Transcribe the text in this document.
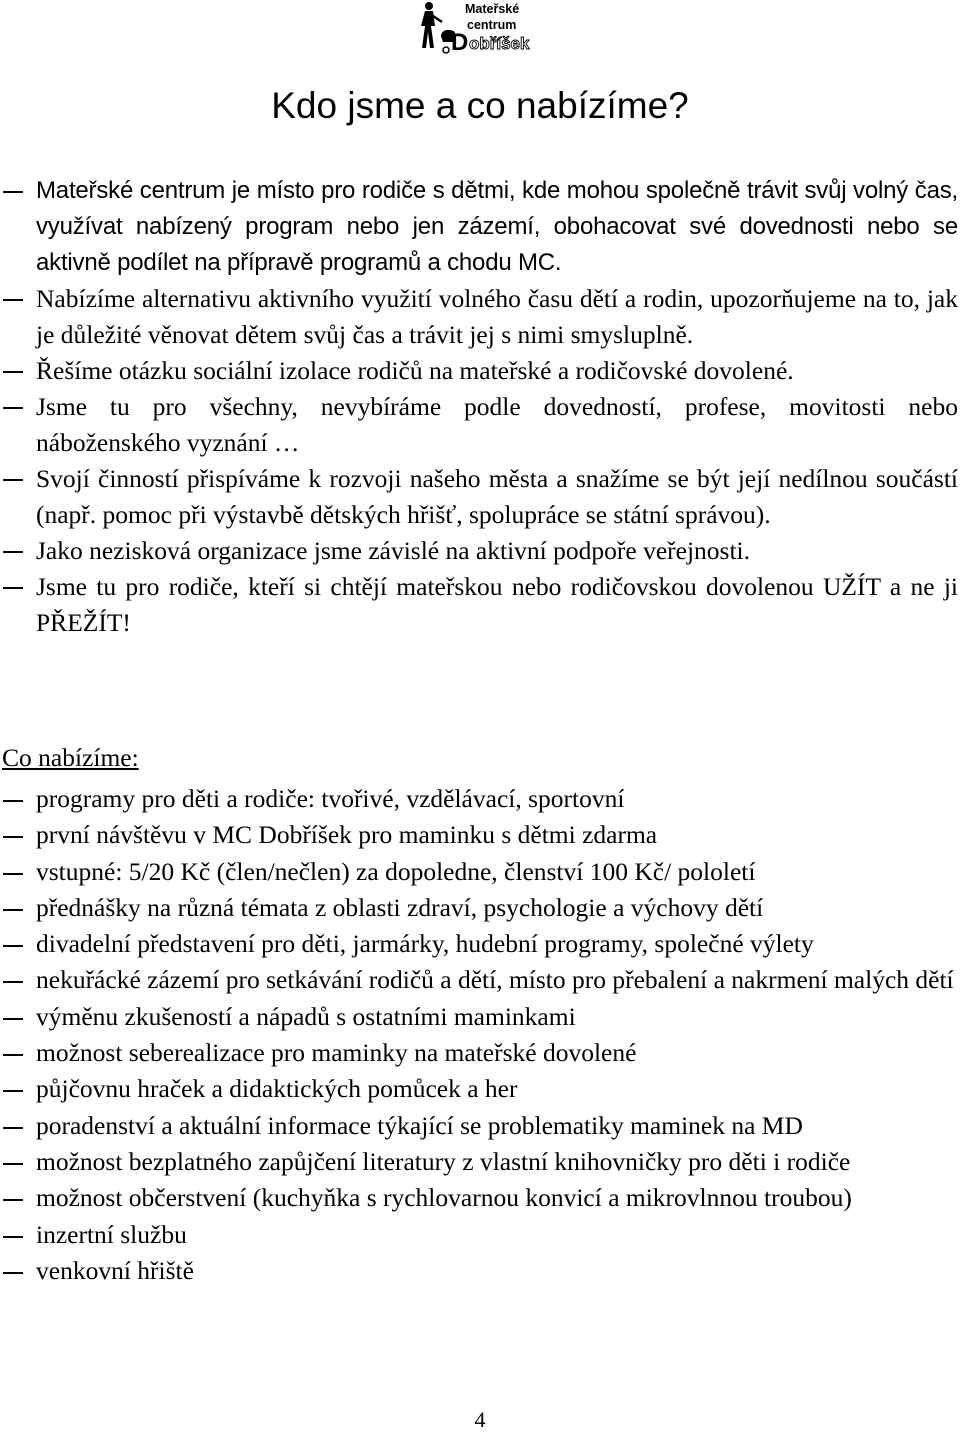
Mateřské
centrum
D obříšek
Kdo jsme a co nabízíme?
Mateřské centrum je místo pro rodiče s dětmi, kde mohou společně trávit svůj volný čas, využívat nabízený program nebo jen zázemí, obohacovat své dovednosti nebo se aktivně podílet na přípravě programů a chodu MC.
Nabízíme alternativu aktivního využití volného času dětí a rodin, upozorňujeme na to, jak je důležité věnovat dětem svůj čas a trávit jej s nimi smysluplně.
Řešíme otázku sociální izolace rodičů na mateřské a rodičovské dovolené.
Jsme tu pro všechny, nevybíráme podle dovedností, profese, movitosti nebo náboženského vyznání …
Svojí činností přispíváme k rozvoji našeho města a snažíme se být její nedílnou součástí (např. pomoc při výstavbě dětských hřišť, spolupráce se státní správou).
Jako nezisková organizace jsme závislé na aktivní podpoře veřejnosti.
Jsme tu pro rodiče, kteří si chtějí mateřskou nebo rodičovskou dovolenou UŽÍT a ne ji PŘEŽÍT!
Co nabízíme:
programy pro děti a rodiče: tvořivé, vzdělávací, sportovní
první návštěvu v MC Dobříšek pro maminku s dětmi zdarma
vstupné: 5/20 Kč (člen/nečlen) za dopoledne, členství 100 Kč/ pololetí
přednášky na různá témata z oblasti zdraví, psychologie a výchovy dětí
divadelní představení pro děti, jarmárky, hudební programy, společné výlety
nekuřácké zázemí pro setkávání rodičů a dětí, místo pro přebalení a nakrmení malých dětí
výměnu zkušeností a nápadů s ostatními maminkami
možnost seberealizace pro maminky na mateřské dovolené
půjčovnu hraček a didaktických pomůcek a her
poradenství a aktuální informace týkající se problematiky maminek na MD
možnost bezplatného zapůjčení literatury z vlastní knihovničky pro děti i rodiče
možnost občerstvení (kuchyňka s rychlovarnou konvicí a mikrovlnnou troubou)
inzertní službu
venkovní hřiště
4
